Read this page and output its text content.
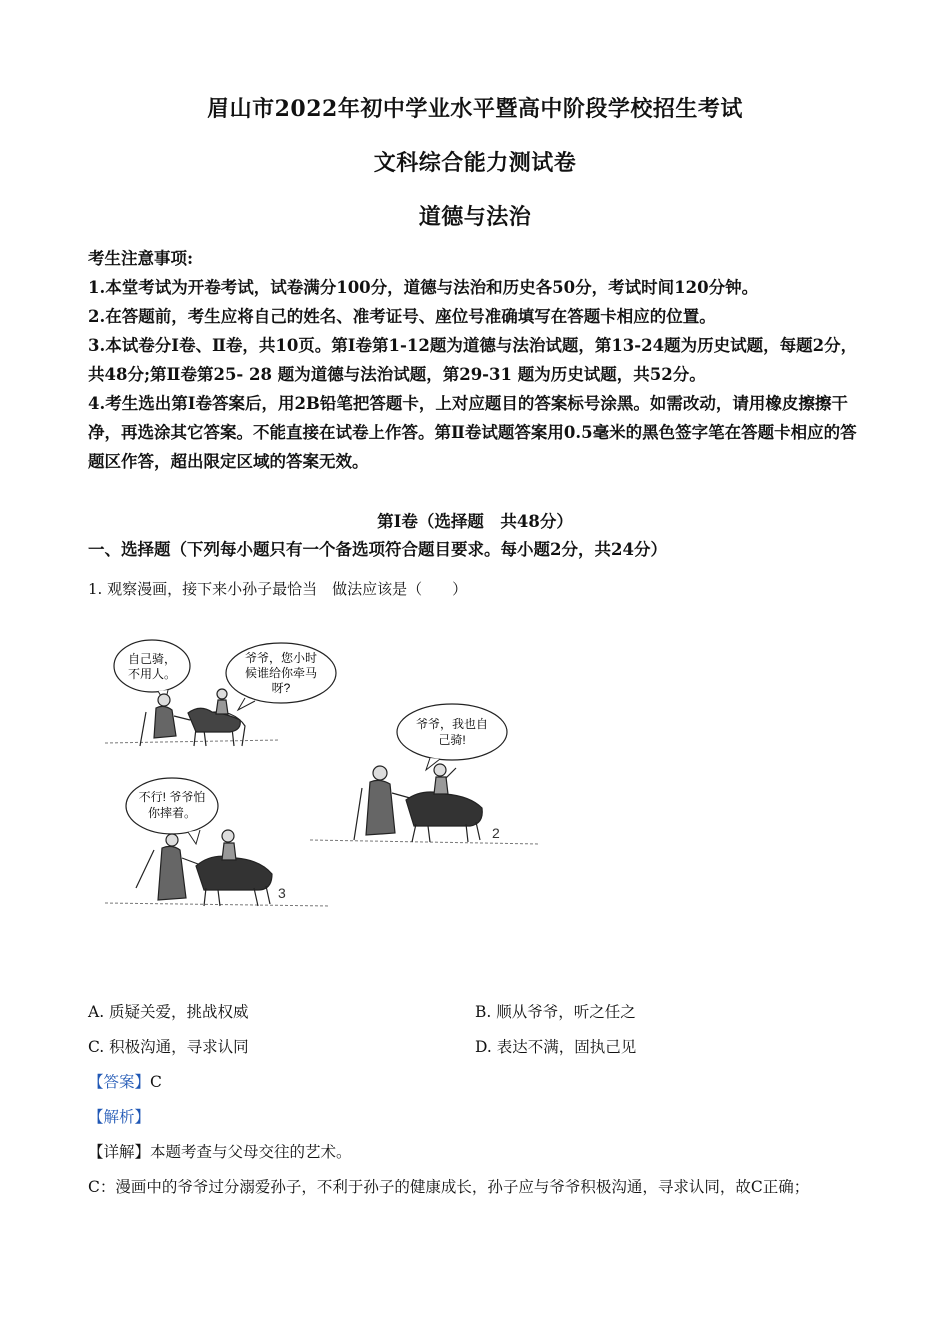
眉山市2022年初中学业水平暨高中阶段学校招生考试
文科综合能力测试卷
道德与法治

考生注意事项:

1.本堂考试为开卷考试，试卷满分100分，道德与法治和历史各50分，考试时间120分钟。

2.在答题前，考生应将自己的姓名、准考证号、座位号准确填写在答题卡相应的位置。

3.本试卷分Ⅰ卷、Ⅱ卷，共10页。第Ⅰ卷第1-12题为道德与法治试题，第13-24题为历史试题，每题2分，共48分;第Ⅱ卷第25- 28 题为道德与法治试题，第29-31 题为历史试题，共52分。

4.考生选出第Ⅰ卷答案后，用2B铅笔把答题卡，上对应题目的答案标号涂黑。如需改动，请用橡皮擦擦干净，再选涂其它答案。不能直接在试卷上作答。第Ⅱ卷试题答案用0.5毫米的黑色签字笔在答题卡相应的答题区作答，超出限定区域的答案无效。

第Ⅰ卷（选择题　共48分）
一、选择题（下列每小题只有一个备选项符合题目要求。每小题2分，共24分）
1. 观察漫画，接下来小孙子最恰当　做法应该是（　　）
自己骑，
不用人。
爷爷，您小时
候谁给你牵马
呀?
爷爷，我也自
己骑!
2
不行! 爷爷怕
你摔着。
3
A. 质疑关爱，挑战权威	B. 顺从爷爷，听之任之
C. 积极沟通，寻求认同	D. 表达不满，固执己见
【答案】C
【解析】
【详解】本题考查与父母交往的艺术。
C：漫画中的爷爷过分溺爱孙子，不利于孙子的健康成长，孙子应与爷爷积极沟通，寻求认同，故C正确；
